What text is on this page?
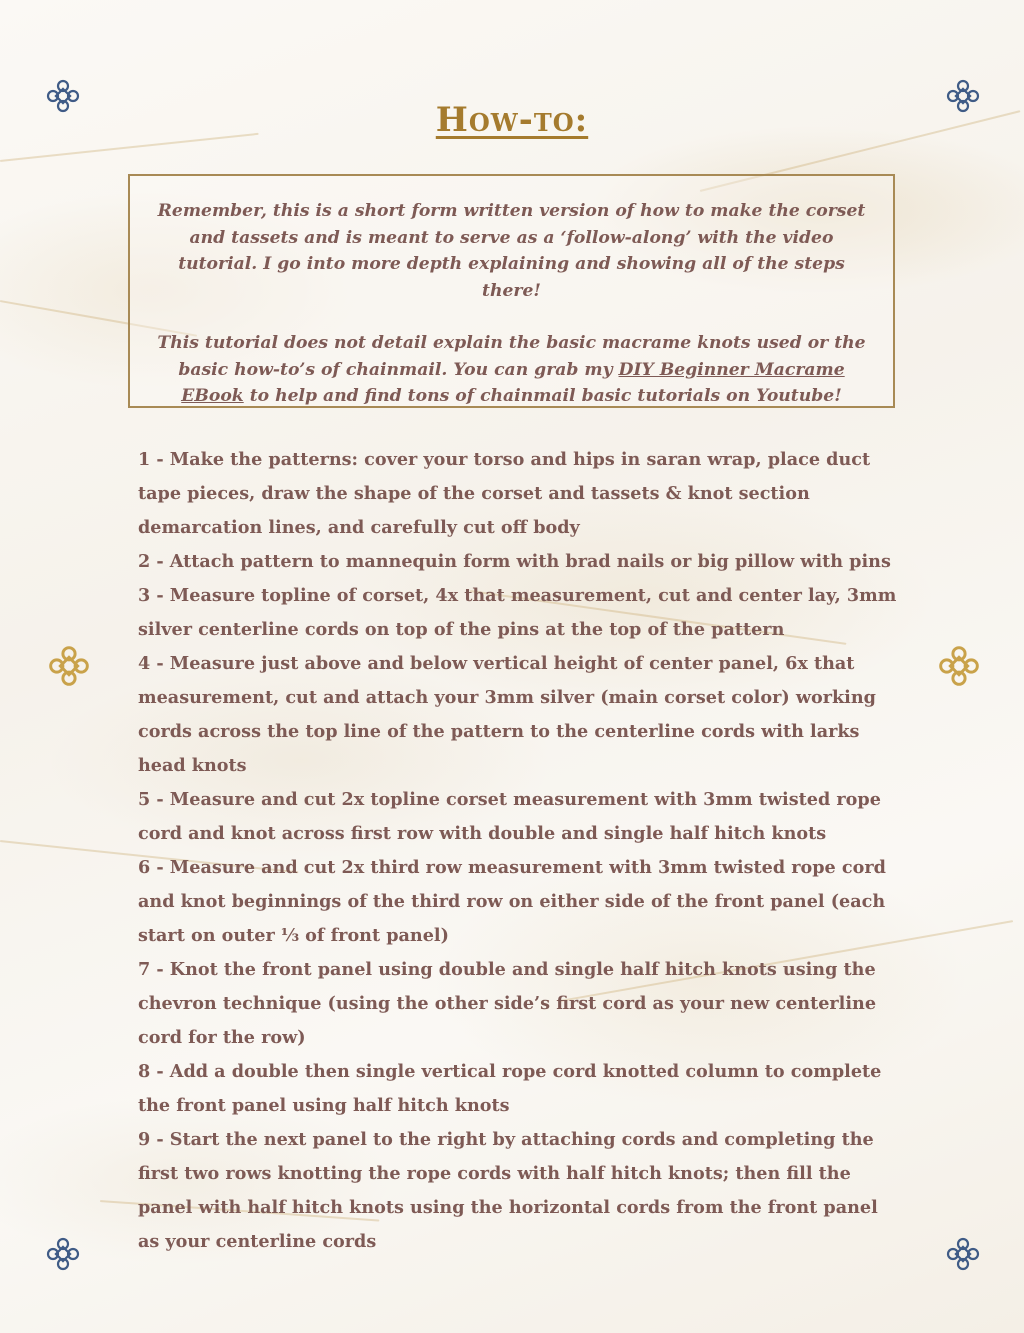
How-to:

Remember, this is a short form written version of how to make the corset and tassets and is meant to serve as a ‘follow-along’ with the video tutorial. I go into more depth explaining and showing all of the steps there!

This tutorial does not detail explain the basic macrame knots used or the basic how-to’s of chainmail. You can grab my DIY Beginner Macrame EBook to help and find tons of chainmail basic tutorials on Youtube!

1 - Make the patterns: cover your torso and hips in saran wrap, place duct tape pieces, draw the shape of the corset and tassets & knot section demarcation lines, and carefully cut off body
2 - Attach pattern to mannequin form with brad nails or big pillow with pins
3 - Measure topline of corset, 4x that measurement, cut and center lay, 3mm silver centerline cords on top of the pins at the top of the pattern
4 - Measure just above and below vertical height of center panel, 6x that measurement, cut and attach your 3mm silver (main corset color) working cords across the top line of the pattern to the centerline cords with larks head knots
5 - Measure and cut 2x topline corset measurement with 3mm twisted rope cord and knot across first row with double and single half hitch knots
6 - Measure and cut 2x third row measurement with 3mm twisted rope cord and knot beginnings of the third row on either side of the front panel (each start on outer ⅓ of front panel)
7 - Knot the front panel using double and single half hitch knots using the chevron technique (using the other side’s first cord as your new centerline cord for the row)
8 - Add a double then single vertical rope cord knotted column to complete the front panel using half hitch knots
9 - Start the next panel to the right by attaching cords and completing the first two rows knotting the rope cords with half hitch knots; then fill the panel with half hitch knots using the horizontal cords from the front panel as your centerline cords
